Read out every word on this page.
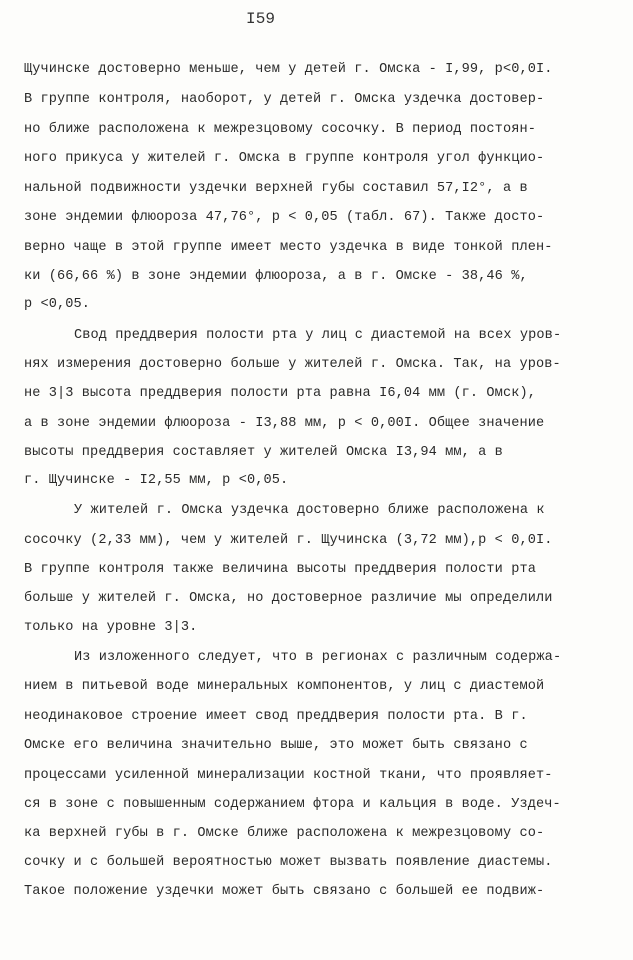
I59
Щучинске достоверно меньше, чем у детей г. Омска - I,99, p<0,0I.
В группе контроля, наоборот, у детей г. Омска уздечка достовер-
но ближе расположена к межрезцовому сосочку. В период постоян-
ного прикуса у жителей г. Омска в группе контроля угол функцио-
нальной подвижности уздечки верхней губы составил 57,I2°, а в
зоне эндемии флюороза 47,76°, p < 0,05 (табл. 67). Также досто-
верно чаще в этой группе имеет место уздечка в виде тонкой плен-
ки (66,66 %) в зоне эндемии флюороза, а в г. Омске - 38,46 %,
p <0,05.
Свод преддверия полости рта у лиц с диастемой на всех уров-
нях измерения достоверно больше у жителей г. Омска. Так, на уров-
не 3|3 высота преддверия полости рта равна I6,04 мм (г. Омск),
а в зоне эндемии флюороза - I3,88 мм, p < 0,00I. Общее значение
высоты преддверия составляет у жителей Омска I3,94 мм, а в
г. Щучинске - I2,55 мм, p <0,05.
У жителей г. Омска уздечка достоверно ближе расположена к
сосочку (2,33 мм), чем у жителей г. Щучинска (3,72 мм),p < 0,0I.
В группе контроля также величина высоты преддверия полости рта
больше у жителей г. Омска, но достоверное различие мы определили
только на уровне 3|3.
Из изложенного следует, что в регионах с различным содержа-
нием в питьевой воде минеральных компонентов, у лиц с диастемой
неодинаковое строение имеет свод преддверия полости рта. В г.
Омске его величина значительно выше, это может быть связано с
процессами усиленной минерализации костной ткани, что проявляет-
ся в зоне с повышенным содержанием фтора и кальция в воде. Уздеч-
ка верхней губы в г. Омске ближе расположена к межрезцовому со-
сочку и с большей вероятностью может вызвать появление диастемы.
Такое положение уздечки может быть связано с большей ее подвиж-
